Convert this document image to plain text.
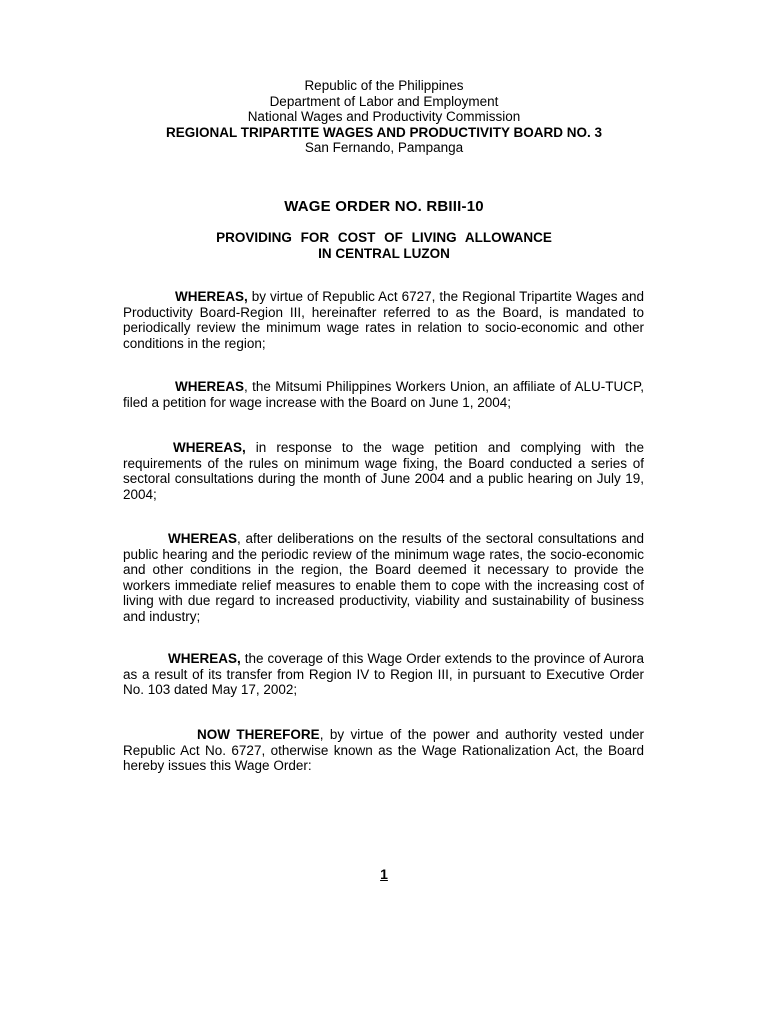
Republic of the Philippines
Department of Labor and Employment
National Wages and Productivity Commission
REGIONAL TRIPARTITE WAGES AND PRODUCTIVITY BOARD NO. 3
San Fernando, Pampanga
WAGE ORDER NO. RBIII-10
PROVIDING FOR COST OF LIVING ALLOWANCE
IN CENTRAL LUZON

WHEREAS, by virtue of Republic Act 6727, the Regional Tripartite Wages and Productivity Board-Region III, hereinafter referred to as the Board, is mandated to periodically review the minimum wage rates in relation to socio-economic and other conditions in the region;

WHEREAS, the Mitsumi Philippines Workers Union, an affiliate of ALU-TUCP, filed a petition for wage increase with the Board on June 1, 2004;

WHEREAS, in response to the wage petition and complying with the requirements of the rules on minimum wage fixing, the Board conducted a series of sectoral consultations during the month of June 2004 and a public hearing on July 19, 2004;

WHEREAS, after deliberations on the results of the sectoral consultations and public hearing and the periodic review of the minimum wage rates, the socio-economic and other conditions in the region, the Board deemed it necessary to provide the workers immediate relief measures to enable them to cope with the increasing cost of living with due regard to increased productivity, viability and sustainability of business and industry;

WHEREAS, the coverage of this Wage Order extends to the province of Aurora as a result of its transfer from Region IV to Region III, in pursuant to Executive Order No. 103 dated May 17, 2002;

NOW THEREFORE, by virtue of the power and authority vested under Republic Act No. 6727, otherwise known as the Wage Rationalization Act, the Board hereby issues this Wage Order:

1
